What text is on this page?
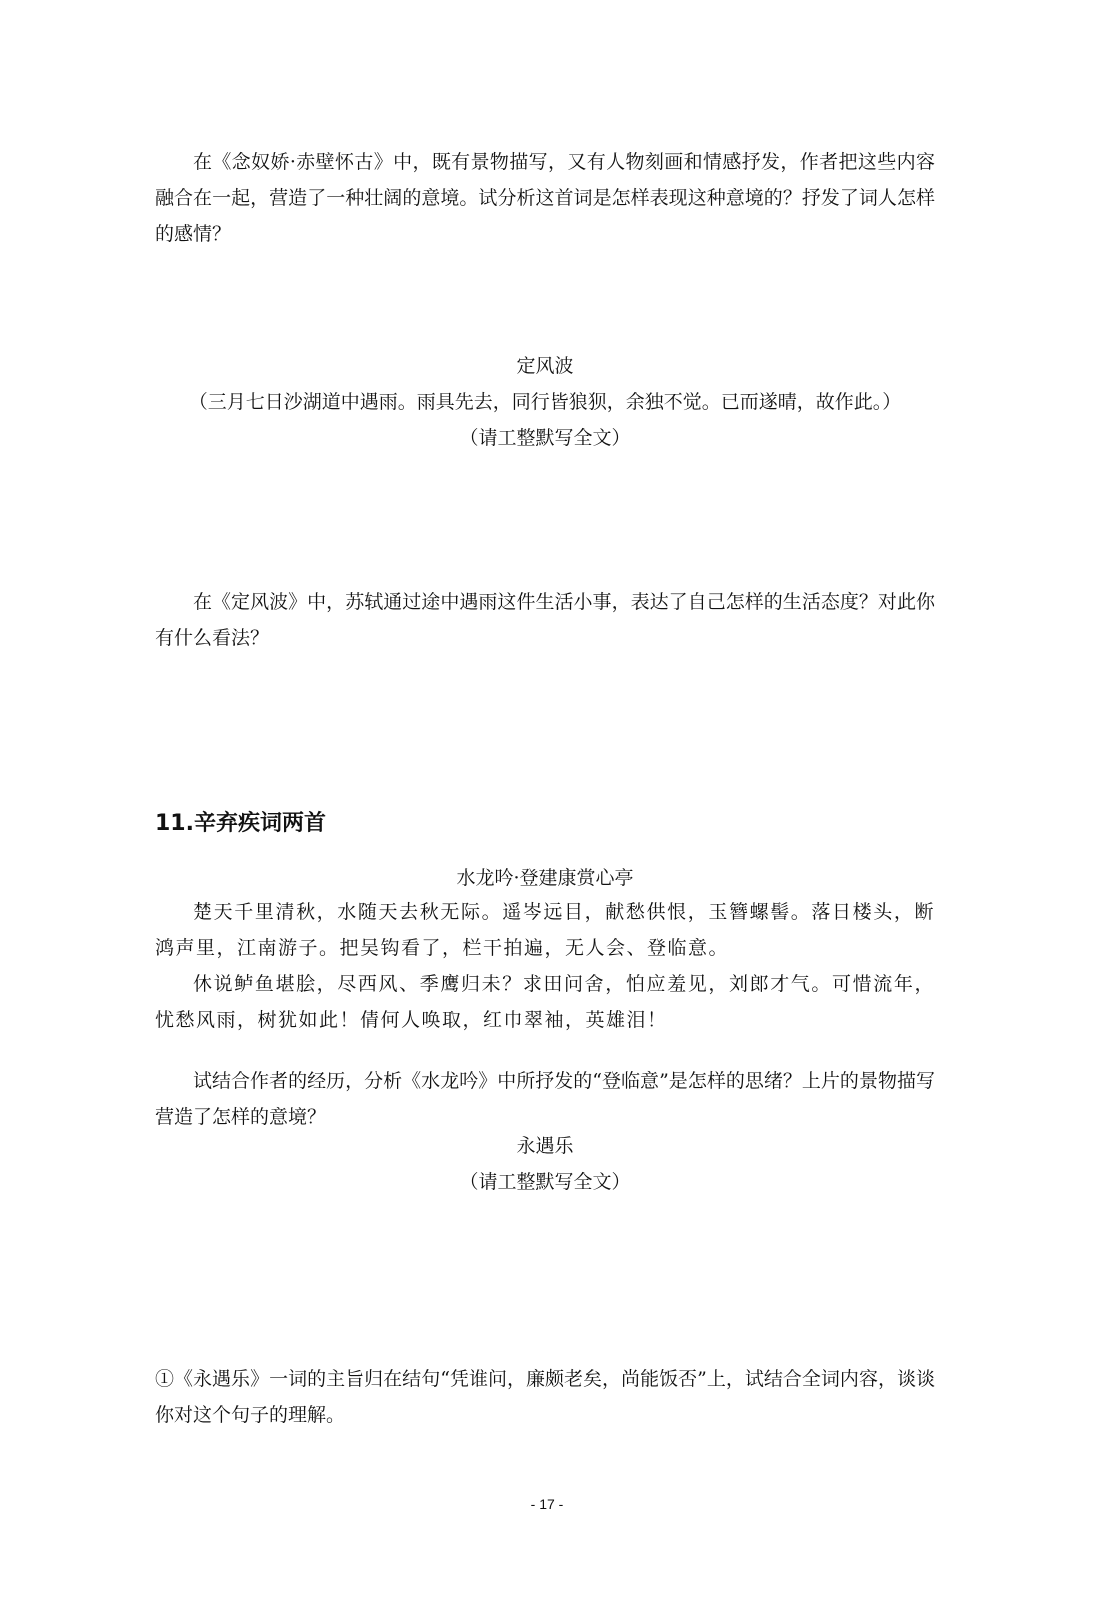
在《念奴娇·赤壁怀古》中，既有景物描写，又有人物刻画和情感抒发，作者把这些内容融合在一起，营造了一种壮阔的意境。试分析这首词是怎样表现这种意境的？抒发了词人怎样的感情？

定风波
（三月七日沙湖道中遇雨。雨具先去，同行皆狼狈，余独不觉。已而遂晴，故作此。）
（请工整默写全文）

在《定风波》中，苏轼通过途中遇雨这件生活小事，表达了自己怎样的生活态度？对此你有什么看法？

11.辛弃疾词两首
水龙吟·登建康赏心亭

楚天千里清秋，水随天去秋无际。遥岑远目，献愁供恨，玉簪螺髻。落日楼头，断鸿声里，江南游子。把吴钩看了，栏干拍遍，无人会、登临意。

休说鲈鱼堪脍，尽西风、季鹰归未？求田问舍，怕应羞见，刘郎才气。可惜流年，忧愁风雨，树犹如此！倩何人唤取，红巾翠袖，英雄泪！

试结合作者的经历，分析《水龙吟》中所抒发的“登临意”是怎样的思绪？上片的景物描写营造了怎样的意境？

永遇乐
（请工整默写全文）

①《永遇乐》一词的主旨归在结句“凭谁问，廉颇老矣，尚能饭否”上，试结合全词内容，谈谈你对这个句子的理解。

- 17 -
